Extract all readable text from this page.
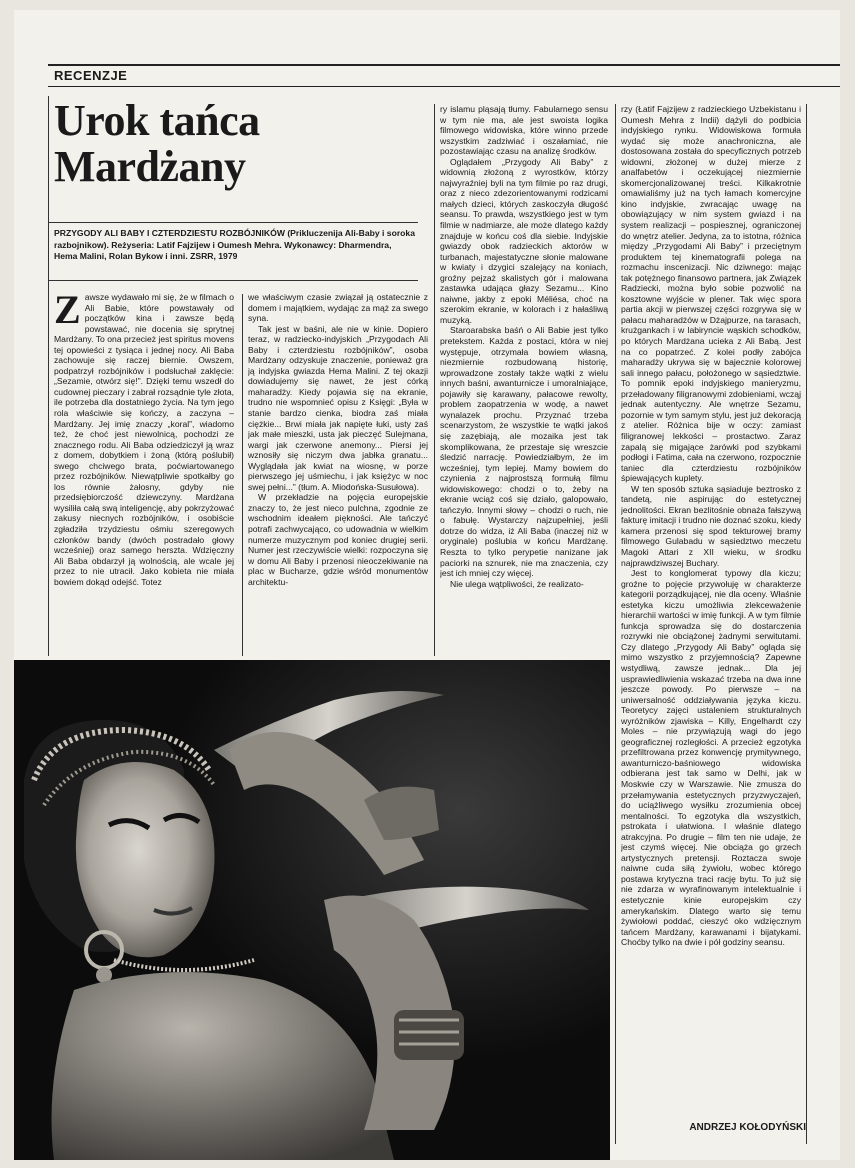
RECENZJE
Urok tańca
Mardżany
PRZYGODY ALI BABY I CZTERDZIESTU ROZBÓJNIKÓW (Prikluczenija Ali-Baby i soroka razbojnikow). Reżyseria: Latif Fajzijew i Oumesh Mehra. Wykonawcy: Dharmendra, Hema Malini, Rolan Bykow i inni. ZSRR, 1979

Zawsze wydawało mi się, że w filmach o Ali Babie, które powstawały od początków kina i zawsze będą powstawać, nie docenia się sprytnej Mardżany. To ona przecież jest spiritus movens tej opowieści z tysiąca i jednej nocy. Ali Baba zachowuje się raczej biernie. Owszem, podpatrzył rozbójników i podsłuchał zaklęcie: „Sezamie, otwórz się!”. Dzięki temu wszedł do cudownej pieczary i zabrał rozsądnie tyle złota, ile potrzeba dla dostatniego życia. Na tym jego rola właściwie się kończy, a zaczyna – Mardżany. Jej imię znaczy „koral”, wiadomo też, że choć jest niewolnicą, pochodzi ze znacznego rodu. Ali Baba odziedziczył ją wraz z domem, dobytkiem i żoną (którą poślubił) swego chciwego brata, poćwiartowanego przez rozbójników. Niewątpliwie spotkałby go los równie żałosny, gdyby nie przedsiębiorczość dziewczyny. Mardżana wysiliła całą swą inteligencję, aby pokrzyżować zakusy niecnych rozbójników, i osobiście zgładziła trzydziestu ośmiu szeregowych członków bandy (dwóch postradało głowy wcześniej) oraz samego herszta. Wdzięczny Ali Baba obdarzył ją wolnością, ale wcale jej przez to nie utracił. Jako kobieta nie miała bowiem dokąd odejść. Totez

we właściwym czasie związał ją ostatecznie z domem i majątkiem, wydając za mąż za swego syna.

Tak jest w baśni, ale nie w kinie. Dopiero teraz, w radziecko-indyjskich „Przygodach Ali Baby i czterdziestu rozbójników”, osoba Mardżany odzyskuje znaczenie, ponieważ gra ją indyjska gwiazda Hema Malini. Z tej okazji dowiadujemy się nawet, że jest córką maharadży. Kiedy pojawia się na ekranie, trudno nie wspomnieć opisu z Księgi: „Była w stanie bardzo cienka, biodra zaś miała ciężkie... Brwi miała jak napięte łuki, usty zaś jak małe mieszki, usta jak pieczęć Sulejmana, wargi jak czerwone anemony... Piersi jej wznosiły się niczym dwa jabłka granatu... Wyglądała jak kwiat na wiosnę, w porze pierwszego jej uśmiechu, i jak księżyc w noc swej pełni...” (tłum. A. Miodońska-Susułowa).

W przekładzie na pojęcia europejskie znaczy to, że jest nieco pulchna, zgodnie ze wschodnim ideałem piękności. Ale tańczyć potrafi zachwycająco, co udowadnia w wielkim numerze muzycznym pod koniec drugiej serii. Numer jest rzeczywiście wielki: rozpoczyna się w domu Ali Baby i przenosi nieoczekiwanie na plac w Bucharze, gdzie wśród monumentów architektu-

ry islamu pląsają tłumy. Fabularnego sensu w tym nie ma, ale jest swoista logika filmowego widowiska, które winno przede wszystkim zadziwiać i oszałamiać, nie pozostawiając czasu na analizę środków.

Oglądałem „Przygody Ali Baby” z widownią złożoną z wyrostków, którzy najwyraźniej byli na tym filmie po raz drugi, oraz z nieco zdezorientowanymi rodzicami małych dzieci, których zaskoczyła długość seansu. To prawda, wszystkiego jest w tym filmie w nadmiarze, ale może dlatego każdy znajduje w końcu coś dla siebie. Indyjskie gwiazdy obok radzieckich aktorów w turbanach, majestatyczne słonie malowane w kwiaty i dzygici szalejący na koniach, groźny pejzaż skalistych gór i malowana zastawka udająca głazy Sezamu... Kino naiwne, jakby z epoki Méliésa, choć na szerokim ekranie, w kolorach i z hałaśliwą muzyką.

Staroarabska baśń o Ali Babie jest tylko pretekstem. Każda z postaci, która w niej występuje, otrzymała bowiem własną, niezmiernie rozbudowaną historię, wprowadzone zostały także wątki z wielu innych baśni, awanturnicze i umoralniające, pojawiły się karawany, pałacowe rewolty, problem zaopatrzenia w wodę, a nawet wynalazek prochu. Przyznać trzeba scenarzystom, że wszystkie te wątki jakoś się zazębiają, ale mozaika jest tak skomplikowana, że przestaje się wreszcie śledzić narrację. Powiedziałbym, że im wcześniej, tym lepiej. Mamy bowiem do czynienia z najprostszą formułą filmu widowiskowego: chodzi o to, żeby na ekranie wciąż coś się działo, galopowało, tańczyło. Innymi słowy – chodzi o ruch, nie o fabułę. Wystarczy najzupełniej, jeśli dotrze do widza, iż Ali Baba (inaczej niż w oryginale) poślubia w końcu Mardżanę. Reszta to tylko perypetie nanizane jak paciorki na sznurek, nie ma znaczenia, czy jest ich mniej czy więcej.

Nie ulega wątpliwości, że realizato-

rzy (Łatif Fajzijew z radzieckiego Uzbekistanu i Oumesh Mehra z Indii) dążyli do podbicia indyjskiego rynku. Widowiskowa formuła wydać się może anachroniczna, ale dostosowana została do specyficznych potrzeb widowni, złożonej w dużej mierze z analfabetów i oczekującej niezmiernie skomercjonalizowanej treści. Kilkakrotnie omawialiśmy już na tych łamach komercyjne kino indyjskie, zwracając uwagę na obowiązujący w nim system gwiazd i na system realizacji – pospiesznej, ograniczonej do wnętrz atelier. Jedyna, za to istotna, różnica między „Przygodami Ali Baby” i przeciętnym produktem tej kinematografii polega na rozmachu inscenizacji. Nic dziwnego: mając tak potężnego finansowo partnera, jak Związek Radziecki, można było sobie pozwolić na kosztowne wyjście w plener. Tak więc spora partia akcji w pierwszej części rozgrywa się w pałacu maharadżów w Dżajpurze, na tarasach, krużgankach i w labiryncie wąskich schodków, po których Mardżana ucieka z Ali Babą. Jest na co popatrzeć. Z kolei podły zabójca maharadży ukrywa się w bajecznie kolorowej sali innego pałacu, położonego w sąsiedztwie. To pomnik epoki indyjskiego manieryzmu, przeładowany filigranowymi zdobieniami, wcząj jednak autentyczny. Ale wnętrze Sezamu, pozornie w tym samym stylu, jest już dekoracją z atelier. Różnica bije w oczy: zamiast filigranowej lekkości – prostactwo. Zaraz zapalą się migające żarówki pod szybkami podłogi i Fatima, cała na czerwono, rozpocznie taniec dla czterdziestu rozbójników śpiewających kuplety.

W ten sposób sztuka sąsiaduje beztrosko z tandetą, nie aspirując do estetycznej jednolitości. Ekran bezlitośnie obnaża fałszywą fakturę imitacji i trudno nie doznać szoku, kiedy kamera przenosi się spod tekturowej bramy filmowego Gulabadu w sąsiedztwo meczetu Magoki Attari z XII wieku, w środku najprawdziwszej Buchary.

Jest to konglomerat typowy dla kiczu; groźne to pojęcie przywołuję w charakterze kategorii porządkującej, nie dla oceny. Właśnie estetyka kiczu umożliwia zlekceważenie hierarchii wartości w imię funkcji. A w tym filmie funkcja sprowadza się do dostarczenia rozrywki nie obciążonej żadnymi serwitutami. Czy dlatego „Przygody Ali Baby” ogląda się mimo wszystko z przyjemnością? Zapewne wstydliwą, zawsze jednak... Dla jej usprawiedliwienia wskazać trzeba na dwa inne jeszcze powody. Po pierwsze – na uniwersalność oddziaływania języka kiczu. Teoretycy zajęci ustaleniem strukturalnych wyróżników zjawiska – Killy, Engelhardt czy Moles – nie przywiązują wagi do jego geograficznej rozległości. A przecież egzotyka przefiltrowana przez konwencję prymitywnego, awanturniczo-baśniowego widowiska odbierana jest tak samo w Delhi, jak w Moskwie czy w Warszawie. Nie zmusza do przełamywania estetycznych przyzwyczajeń, do uciążliwego wysiłku zrozumienia obcej mentalności. To egzotyka dla wszystkich, pstrokata i ułatwiona. I właśnie dlatego atrakcyjna. Po drugie – film ten nie udaje, że jest czymś więcej. Nie obciąża go grzech artystycznych pretensji. Roztacza swoje naiwne cuda siłą żywiołu, wobec którego postawa krytyczna traci rację bytu. To już się nie zdarza w wyrafinowanym intelektualnie i estetycznie kinie europejskim czy amerykańskim. Dlatego warto się temu żywiołowi poddać, cieszyć oko wdzięcznym tańcem Mardżany, karawanami i bijatykami. Choćby tylko na dwie i pół godziny seansu.

ANDRZEJ KOŁODYŃSKI
